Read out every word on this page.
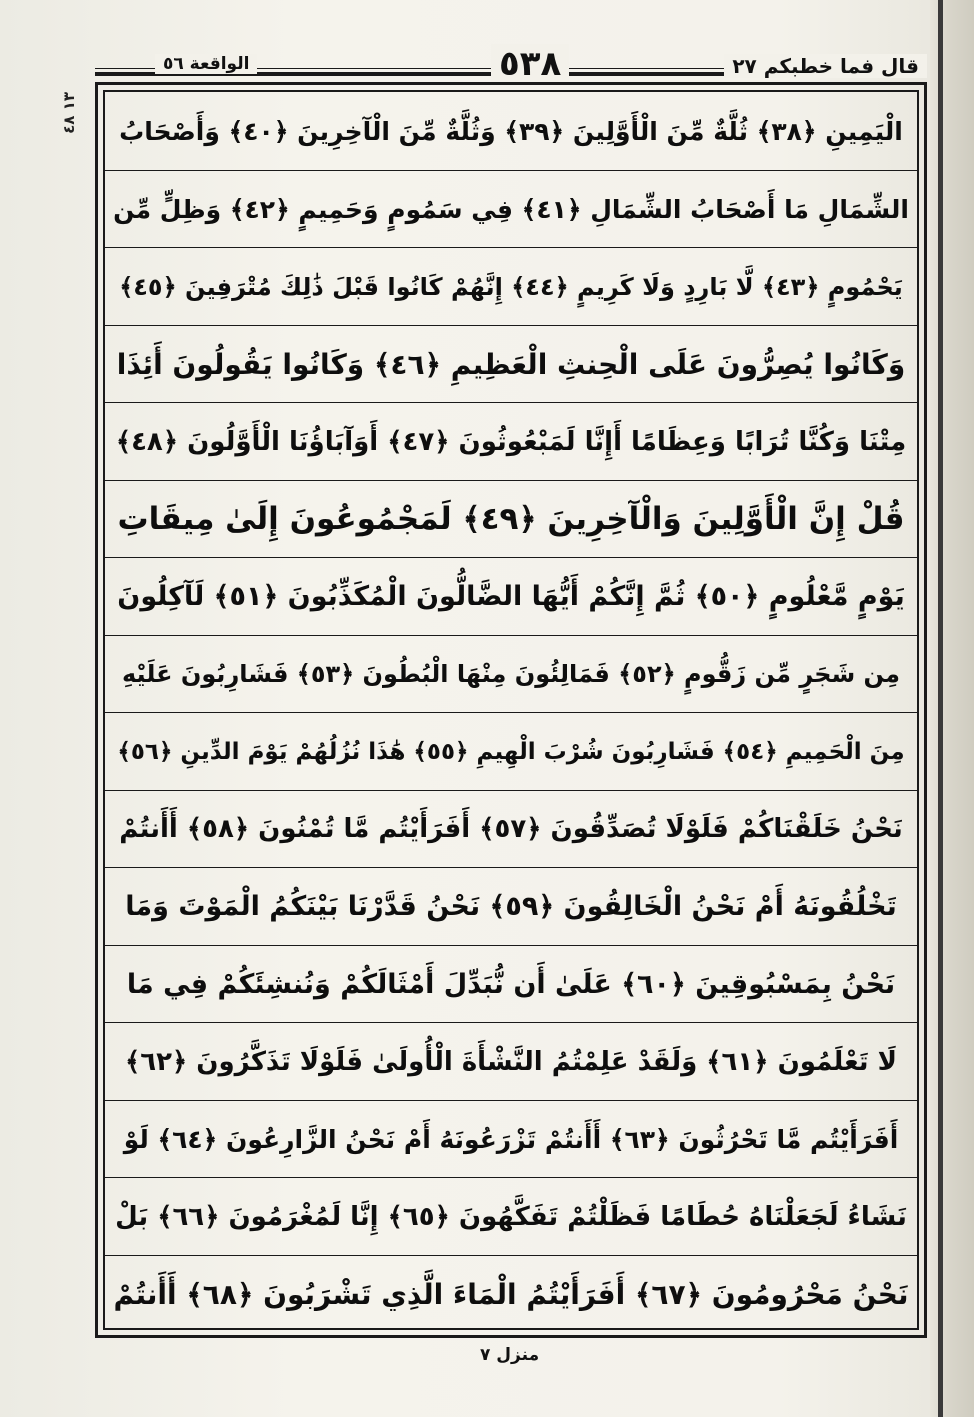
قال فما خطبكم ٢٧
٥٣٨
الواقعة ٥٦
١٣ ٤٨
الْيَمِينِ ﴿٣٨﴾ ثُلَّةٌ مِّنَ الْأَوَّلِينَ ﴿٣٩﴾ وَثُلَّةٌ مِّنَ الْآخِرِينَ ﴿٤٠﴾ وَأَصْحَابُ
الشِّمَالِ مَا أَصْحَابُ الشِّمَالِ ﴿٤١﴾ فِي سَمُومٍ وَحَمِيمٍ ﴿٤٢﴾ وَظِلٍّ مِّن
يَحْمُومٍ ﴿٤٣﴾ لَّا بَارِدٍ وَلَا كَرِيمٍ ﴿٤٤﴾ إِنَّهُمْ كَانُوا قَبْلَ ذَٰلِكَ مُتْرَفِينَ ﴿٤٥﴾
وَكَانُوا يُصِرُّونَ عَلَى الْحِنثِ الْعَظِيمِ ﴿٤٦﴾ وَكَانُوا يَقُولُونَ أَئِذَا
مِتْنَا وَكُنَّا تُرَابًا وَعِظَامًا أَإِنَّا لَمَبْعُوثُونَ ﴿٤٧﴾ أَوَآبَاؤُنَا الْأَوَّلُونَ ﴿٤٨﴾
قُلْ إِنَّ الْأَوَّلِينَ وَالْآخِرِينَ ﴿٤٩﴾ لَمَجْمُوعُونَ إِلَىٰ مِيقَاتِ
يَوْمٍ مَّعْلُومٍ ﴿٥٠﴾ ثُمَّ إِنَّكُمْ أَيُّهَا الضَّالُّونَ الْمُكَذِّبُونَ ﴿٥١﴾ لَآكِلُونَ
مِن شَجَرٍ مِّن زَقُّومٍ ﴿٥٢﴾ فَمَالِئُونَ مِنْهَا الْبُطُونَ ﴿٥٣﴾ فَشَارِبُونَ عَلَيْهِ
مِنَ الْحَمِيمِ ﴿٥٤﴾ فَشَارِبُونَ شُرْبَ الْهِيمِ ﴿٥٥﴾ هَٰذَا نُزُلُهُمْ يَوْمَ الدِّينِ ﴿٥٦﴾
نَحْنُ خَلَقْنَاكُمْ فَلَوْلَا تُصَدِّقُونَ ﴿٥٧﴾ أَفَرَأَيْتُم مَّا تُمْنُونَ ﴿٥٨﴾ أَأَنتُمْ
تَخْلُقُونَهُ أَمْ نَحْنُ الْخَالِقُونَ ﴿٥٩﴾ نَحْنُ قَدَّرْنَا بَيْنَكُمُ الْمَوْتَ وَمَا
نَحْنُ بِمَسْبُوقِينَ ﴿٦٠﴾ عَلَىٰ أَن نُّبَدِّلَ أَمْثَالَكُمْ وَنُنشِئَكُمْ فِي مَا
لَا تَعْلَمُونَ ﴿٦١﴾ وَلَقَدْ عَلِمْتُمُ النَّشْأَةَ الْأُولَىٰ فَلَوْلَا تَذَكَّرُونَ ﴿٦٢﴾
أَفَرَأَيْتُم مَّا تَحْرُثُونَ ﴿٦٣﴾ أَأَنتُمْ تَزْرَعُونَهُ أَمْ نَحْنُ الزَّارِعُونَ ﴿٦٤﴾ لَوْ
نَشَاءُ لَجَعَلْنَاهُ حُطَامًا فَظَلْتُمْ تَفَكَّهُونَ ﴿٦٥﴾ إِنَّا لَمُغْرَمُونَ ﴿٦٦﴾ بَلْ
نَحْنُ مَحْرُومُونَ ﴿٦٧﴾ أَفَرَأَيْتُمُ الْمَاءَ الَّذِي تَشْرَبُونَ ﴿٦٨﴾ أَأَنتُمْ
منزل ٧
